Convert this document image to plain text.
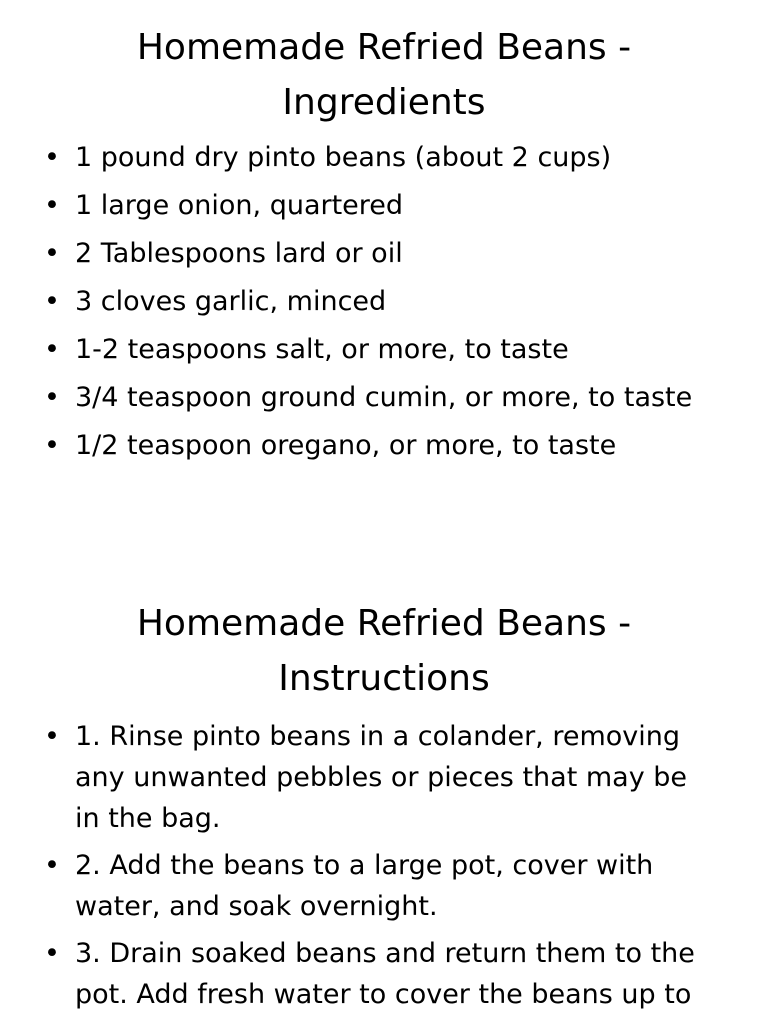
Homemade Refried Beans - Ingredients
• 1 pound dry pinto beans (about 2 cups)
• 1 large onion, quartered
• 2 Tablespoons lard or oil
• 3 cloves garlic, minced
• 1-2 teaspoons salt, or more, to taste
• 3/4 teaspoon ground cumin, or more, to taste
• 1/2 teaspoon oregano, or more, to taste
Homemade Refried Beans - Instructions
• 1. Rinse pinto beans in a colander, removing any unwanted pebbles or pieces that may be in the bag.
• 2. Add the beans to a large pot, cover with water, and soak overnight.
• 3. Drain soaked beans and return them to the pot. Add fresh water to cover the beans up to
